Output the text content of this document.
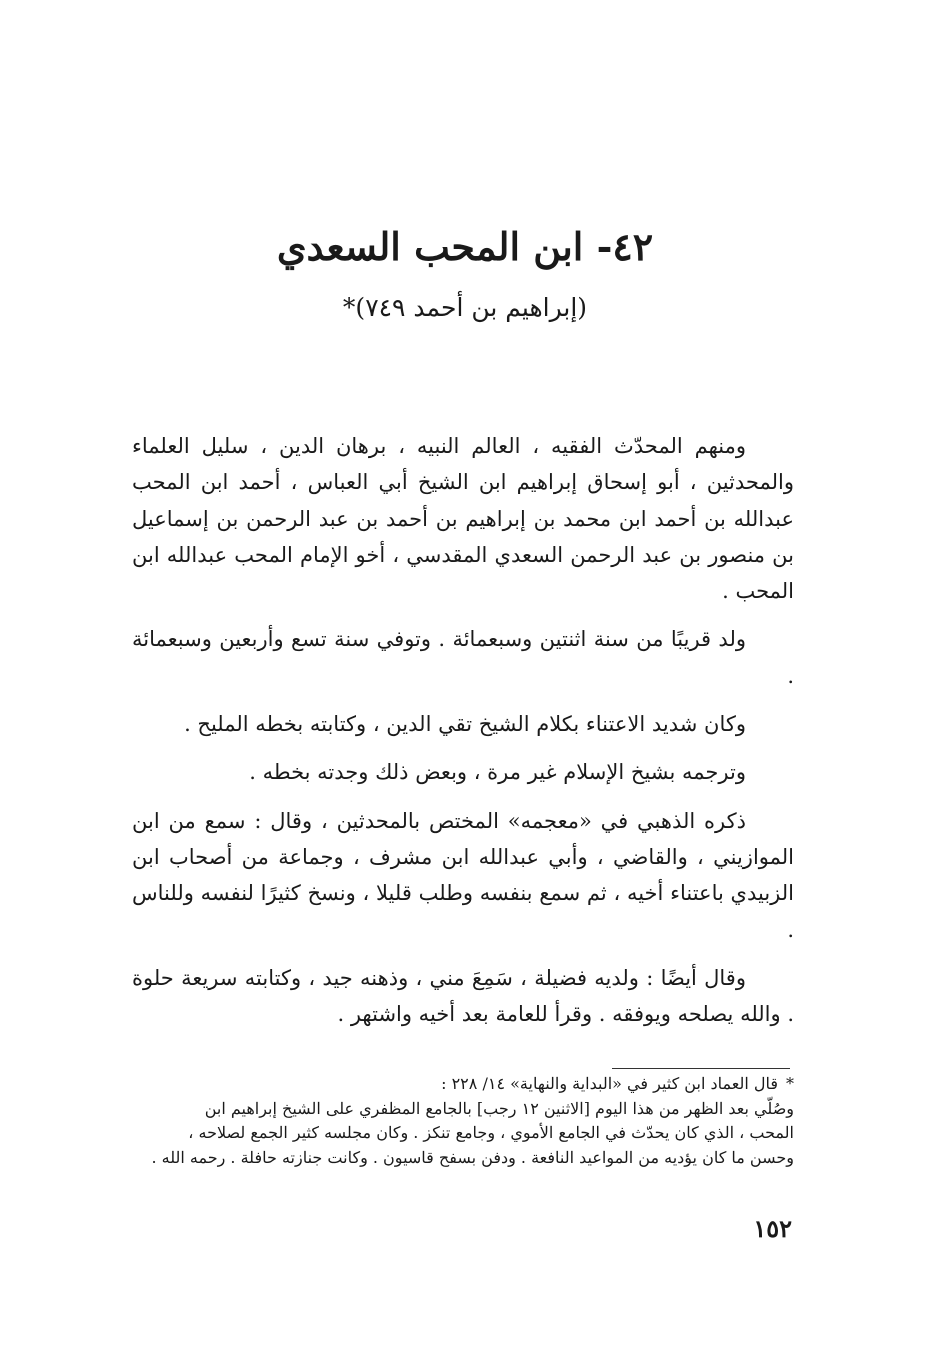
٤٢- ابن المحب السعدي
(إبراهيم بن أحمد ٧٤٩)*

ومنهم المحدّث الفقيه ، العالم النبيه ، برهان الدين ، سليل العلماء والمحدثين ، أبو إسحاق إبراهيم ابن الشيخ أبي العباس ، أحمد ابن المحب عبدالله بن أحمد ابن محمد بن إبراهيم بن أحمد بن عبد الرحمن بن إسماعيل بن منصور بن عبد الرحمن السعدي المقدسي ، أخو الإمام المحب عبدالله ابن المحب .

ولد قريبًا من سنة اثنتين وسبعمائة . وتوفي سنة تسع وأربعين وسبعمائة .

وكان شديد الاعتناء بكلام الشيخ تقي الدين ، وكتابته بخطه المليح .

وترجمه بشيخ الإسلام غير مرة ، وبعض ذلك وجدته بخطه .

ذكره الذهبي في «معجمه» المختص بالمحدثين ، وقال : سمع من ابن الموازيني ، والقاضي ، وأبي عبدالله ابن مشرف ، وجماعة من أصحاب ابن الزبيدي باعتناء أخيه ، ثم سمع بنفسه وطلب قليلا ، ونسخ كثيرًا لنفسه وللناس .

وقال أيضًا : ولديه فضيلة ، سَمِعَ مني ، وذهنه جيد ، وكتابته سريعة حلوة . والله يصلحه ويوفقه . وقرأ للعامة بعد أخيه واشتهر .

*قال العماد ابن كثير في «البداية والنهاية» ١٤/ ٢٢٨ :

وصُلّي بعد الظهر من هذا اليوم [الاثنين ١٢ رجب] بالجامع المظفري على الشيخ إبراهيم ابن

المحب ، الذي كان يحدّث في الجامع الأموي ، وجامع تنكز . وكان مجلسه كثير الجمع لصلاحه ،

وحسن ما كان يؤديه من المواعيد النافعة . ودفن بسفح قاسيون . وكانت جنازته حافلة . رحمه الله .

١٥٢
